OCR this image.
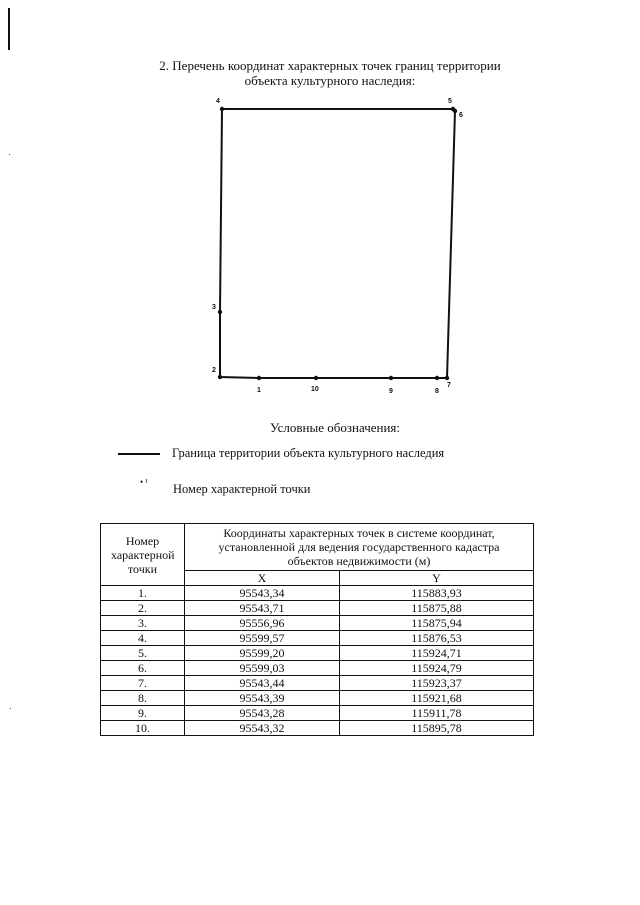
2. Перечень координат характерных точек границ территории
объекта культурного наследия:
1
2
3
4	5
6
7
8
9
10
Условные обозначения:
Граница территории объекта культурного наследия
• ¹ Номер характерной точки
Номер характерной точки	Координаты характерных точек в системе координат, установленной для ведения государственного кадастра объектов недвижимости (м)	
	X	Y
1.	95543,34	115883,93
2.	95543,71	115875,88
3.	95556,96	115875,94
4.	95599,57	115876,53
5.	95599,20	115924,71
6.	95599,03	115924,79
7.	95543,44	115923,37
8.	95543,39	115921,68
9.	95543,28	115911,78
10.	95543,32	115895,78
